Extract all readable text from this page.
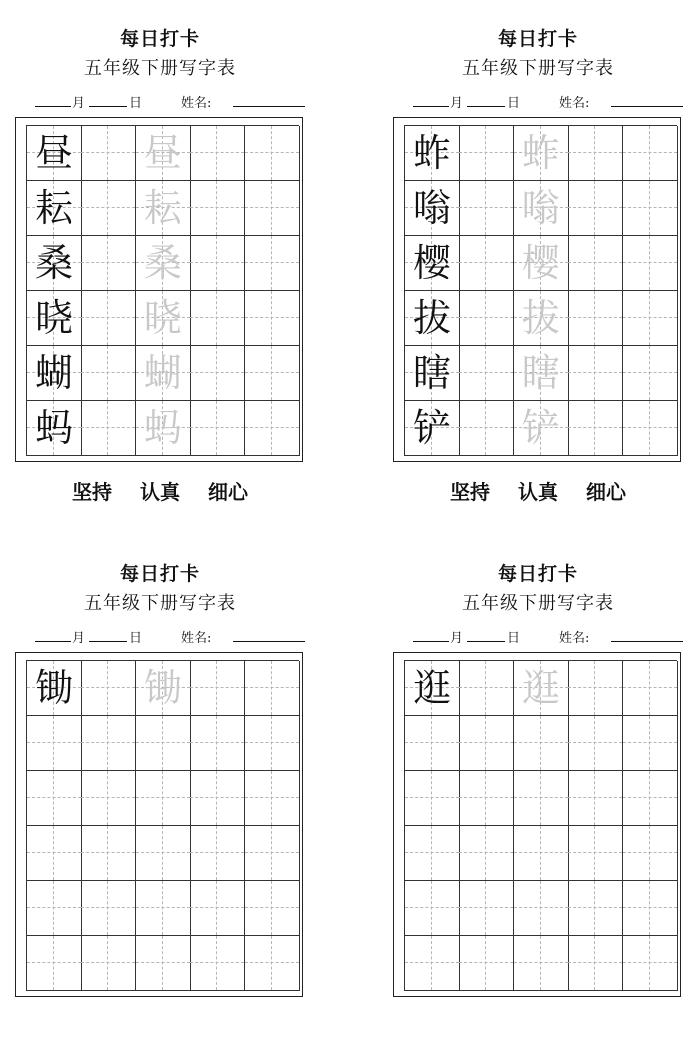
每日打卡
五年级下册写字表
月	日	姓名:
昼 昼
耘 耘
桑 桑
晓 晓
蝴 蝴
蚂 蚂
坚持 认真 细心
每日打卡
五年级下册写字表
月	日	姓名:
蚱 蚱
嗡 嗡
樱 樱
拔 拔
瞎 瞎
铲 铲
坚持 认真 细心
每日打卡
五年级下册写字表
月	日	姓名:
锄 锄
每日打卡
五年级下册写字表
月	日	姓名:
逛 逛
